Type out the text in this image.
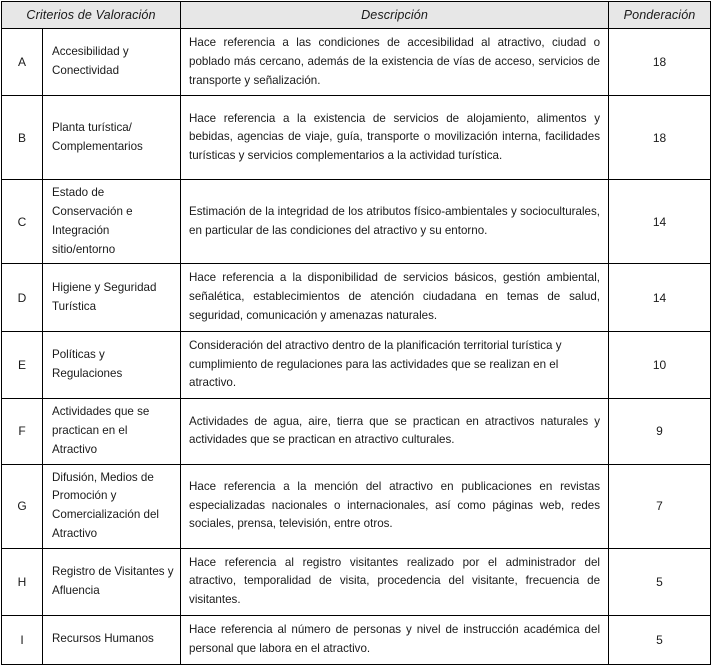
Criterios de Valoración		Descripción	Ponderación
A	Accesibilidad y Conectividad	Hace referencia a las condiciones de accesibilidad al atractivo, ciudad o poblado más cercano, además de la existencia de vías de acceso, servicios de transporte y señalización.	18
B	Planta turística/ Complementarios	Hace referencia a la existencia de servicios de alojamiento, alimentos y bebidas, agencias de viaje, guía, transporte o movilización interna, facilidades turísticas y servicios complementarios a la actividad turística.	18
C	Estado de Conservación e Integración sitio/entorno	Estimación de la integridad de los atributos físico-ambientales y socioculturales, en particular de las condiciones del atractivo y su entorno.	14
D	Higiene y Seguridad Turística	Hace referencia a la disponibilidad de servicios básicos, gestión ambiental, señalética, establecimientos de atención ciudadana en temas de salud, seguridad, comunicación y amenazas naturales.	14
E	Políticas y Regulaciones	Consideración del atractivo dentro de la planificación territorial turística y cumplimiento de regulaciones para las actividades que se realizan en el atractivo.	10
F	Actividades que se practican en el Atractivo	Actividades de agua, aire, tierra que se practican en atractivos naturales y actividades que se practican en atractivo culturales.	9
G	Difusión, Medios de Promoción y Comercialización del Atractivo	Hace referencia a la mención del atractivo en publicaciones en revistas especializadas nacionales o internacionales, así como páginas web, redes sociales, prensa, televisión, entre otros.	7
H	Registro de Visitantes y Afluencia	Hace referencia al registro visitantes realizado por el administrador del atractivo, temporalidad de visita, procedencia del visitante, frecuencia de visitantes.	5
I	Recursos Humanos	Hace referencia al número de personas y nivel de instrucción académica del personal que labora en el atractivo.	5
